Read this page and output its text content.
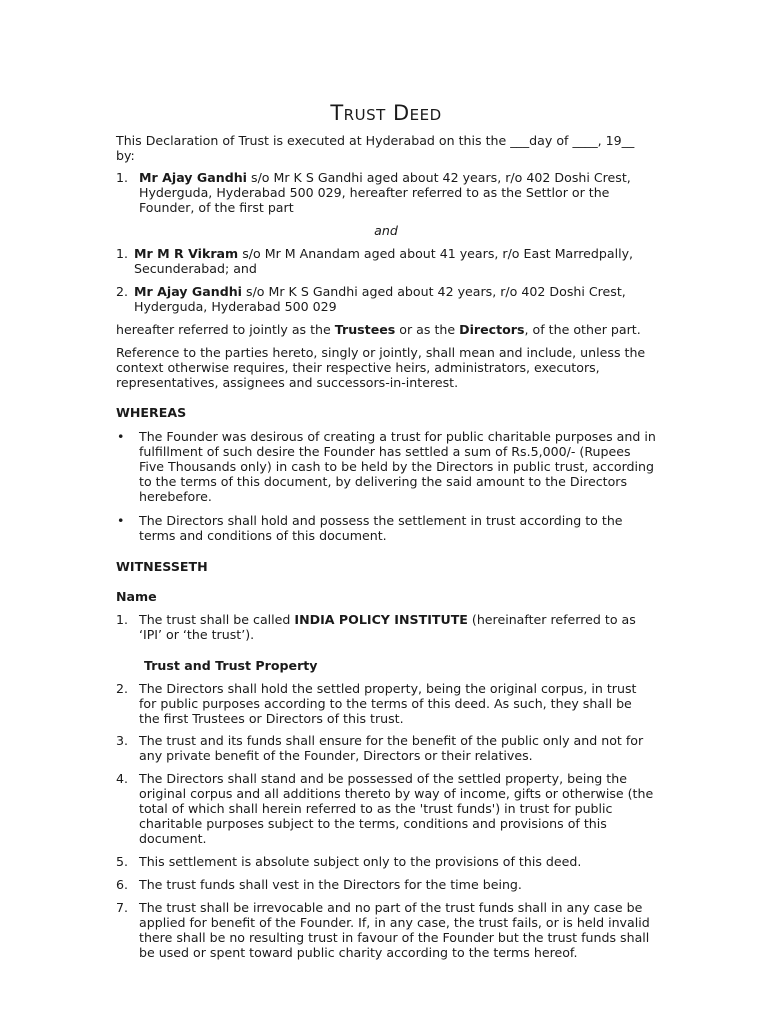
Trust Deed

This Declaration of Trust is executed at Hyderabad on this the ___day of ____, 19__ by:

1. Mr Ajay Gandhi s/o Mr K S Gandhi aged about 42 years, r/o 402 Doshi Crest, Hyderguda, Hyderabad 500 029, hereafter referred to as the Settlor or the Founder, of the first part

and

1. Mr M R Vikram s/o Mr M Anandam aged about 41 years, r/o East Marredpally, Secunderabad; and

2. Mr Ajay Gandhi s/o Mr K S Gandhi aged about 42 years, r/o 402 Doshi Crest, Hyderguda, Hyderabad 500 029

hereafter referred to jointly as the Trustees or as the Directors, of the other part.

Reference to the parties hereto, singly or jointly, shall mean and include, unless the context otherwise requires, their respective heirs, administrators, executors, representatives, assignees and successors-in-interest.

WHEREAS

• The Founder was desirous of creating a trust for public charitable purposes and in fulfillment of such desire the Founder has settled a sum of Rs.5,000/- (Rupees Five Thousands only) in cash to be held by the Directors in public trust, according to the terms of this document, by delivering the said amount to the Directors herebefore.

• The Directors shall hold and possess the settlement in trust according to the terms and conditions of this document.

WITNESSETH

Name

1. The trust shall be called INDIA POLICY INSTITUTE (hereinafter referred to as ‘IPI’ or ‘the trust’).

Trust and Trust Property

2. The Directors shall hold the settled property, being the original corpus, in trust for public purposes according to the terms of this deed. As such, they shall be the first Trustees or Directors of this trust.

3. The trust and its funds shall ensure for the benefit of the public only and not for any private benefit of the Founder, Directors or their relatives.

4. The Directors shall stand and be possessed of the settled property, being the original corpus and all additions thereto by way of income, gifts or otherwise (the total of which shall herein referred to as the 'trust funds') in trust for public charitable purposes subject to the terms, conditions and provisions of this document.

5. This settlement is absolute subject only to the provisions of this deed.

6. The trust funds shall vest in the Directors for the time being.

7. The trust shall be irrevocable and no part of the trust funds shall in any case be applied for benefit of the Founder. If, in any case, the trust fails, or is held invalid there shall be no resulting trust in favour of the Founder but the trust funds shall be used or spent toward public charity according to the terms hereof.
